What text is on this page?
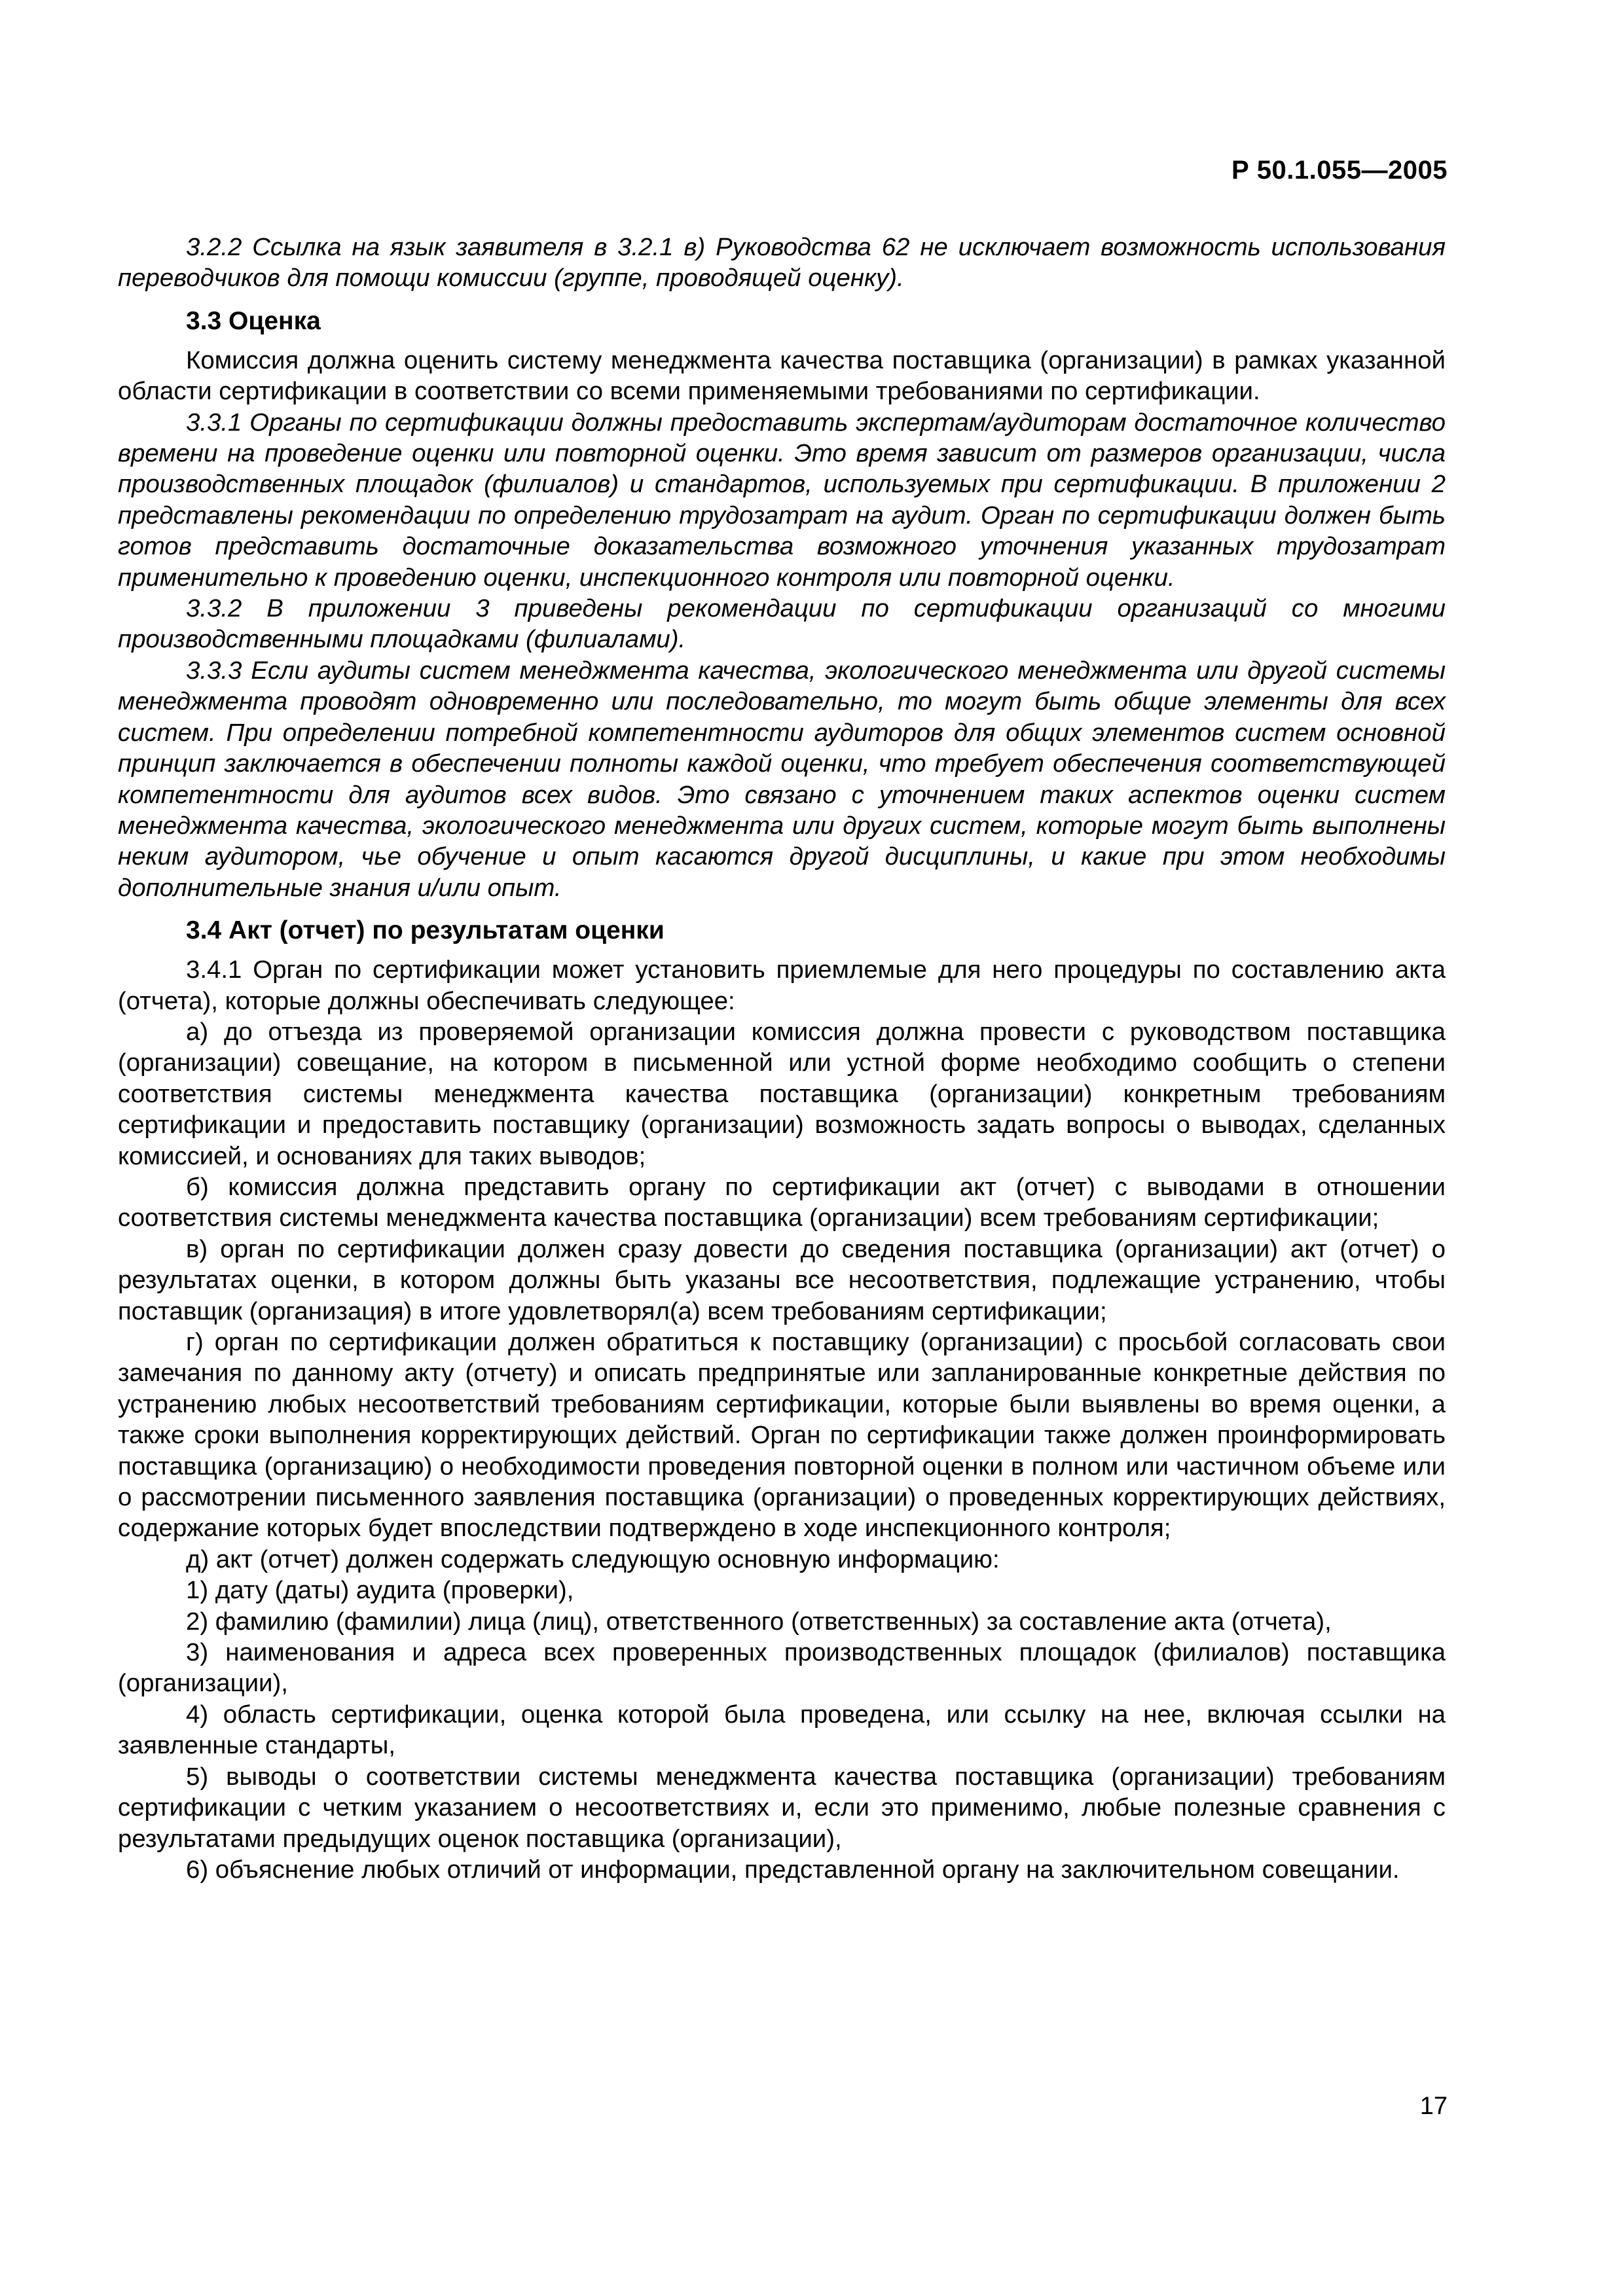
Р 50.1.055—2005

3.2.2 Ссылка на язык заявителя в 3.2.1 в) Руководства 62 не исключает возможность использования переводчиков для помощи комиссии (группе, проводящей оценку).

3.3 Оценка

Комиссия должна оценить систему менеджмента качества поставщика (организации) в рамках указанной области сертификации в соответствии со всеми применяемыми требованиями по сертификации.

3.3.1 Органы по сертификации должны предоставить экспертам/аудиторам достаточное количество времени на проведение оценки или повторной оценки. Это время зависит от размеров организации, числа производственных площадок (филиалов) и стандартов, используемых при сертификации. В приложении 2 представлены рекомендации по определению трудозатрат на аудит. Орган по сертификации должен быть готов представить достаточные доказательства возможного уточнения указанных трудозатрат применительно к проведению оценки, инспекционного контроля или повторной оценки.

3.3.2 В приложении 3 приведены рекомендации по сертификации организаций со многими производственными площадками (филиалами).

3.3.3 Если аудиты систем менеджмента качества, экологического менеджмента или другой системы менеджмента проводят одновременно или последовательно, то могут быть общие элементы для всех систем. При определении потребной компетентности аудиторов для общих элементов систем основной принцип заключается в обеспечении полноты каждой оценки, что требует обеспечения соответствующей компетентности для аудитов всех видов. Это связано с уточнением таких аспектов оценки систем менеджмента качества, экологического менеджмента или других систем, которые могут быть выполнены неким аудитором, чье обучение и опыт касаются другой дисциплины, и какие при этом необходимы дополнительные знания и/или опыт.

3.4 Акт (отчет) по результатам оценки

3.4.1 Орган по сертификации может установить приемлемые для него процедуры по составлению акта (отчета), которые должны обеспечивать следующее:

а) до отъезда из проверяемой организации комиссия должна провести с руководством поставщика (организации) совещание, на котором в письменной или устной форме необходимо сообщить о степени соответствия системы менеджмента качества поставщика (организации) конкретным требованиям сертификации и предоставить поставщику (организации) возможность задать вопросы о выводах, сделанных комиссией, и основаниях для таких выводов;

б) комиссия должна представить органу по сертификации акт (отчет) с выводами в отношении соответствия системы менеджмента качества поставщика (организации) всем требованиям сертификации;

в) орган по сертификации должен сразу довести до сведения поставщика (организации) акт (отчет) о результатах оценки, в котором должны быть указаны все несоответствия, подлежащие устранению, чтобы поставщик (организация) в итоге удовлетворял(а) всем требованиям сертификации;

г) орган по сертификации должен обратиться к поставщику (организации) с просьбой согласовать свои замечания по данному акту (отчету) и описать предпринятые или запланированные конкретные действия по устранению любых несоответствий требованиям сертификации, которые были выявлены во время оценки, а также сроки выполнения корректирующих действий. Орган по сертификации также должен проинформировать поставщика (организацию) о необходимости проведения повторной оценки в полном или частичном объеме или о рассмотрении письменного заявления поставщика (организации) о проведенных корректирующих действиях, содержание которых будет впоследствии подтверждено в ходе инспекционного контроля;

д) акт (отчет) должен содержать следующую основную информацию:

1) дату (даты) аудита (проверки),

2) фамилию (фамилии) лица (лиц), ответственного (ответственных) за составление акта (отчета),

3) наименования и адреса всех проверенных производственных площадок (филиалов) поставщика (организации),

4) область сертификации, оценка которой была проведена, или ссылку на нее, включая ссылки на заявленные стандарты,

5) выводы о соответствии системы менеджмента качества поставщика (организации) требованиям сертификации с четким указанием о несоответствиях и, если это применимо, любые полезные сравнения с результатами предыдущих оценок поставщика (организации),

6) объяснение любых отличий от информации, представленной органу на заключительном совещании.

17
